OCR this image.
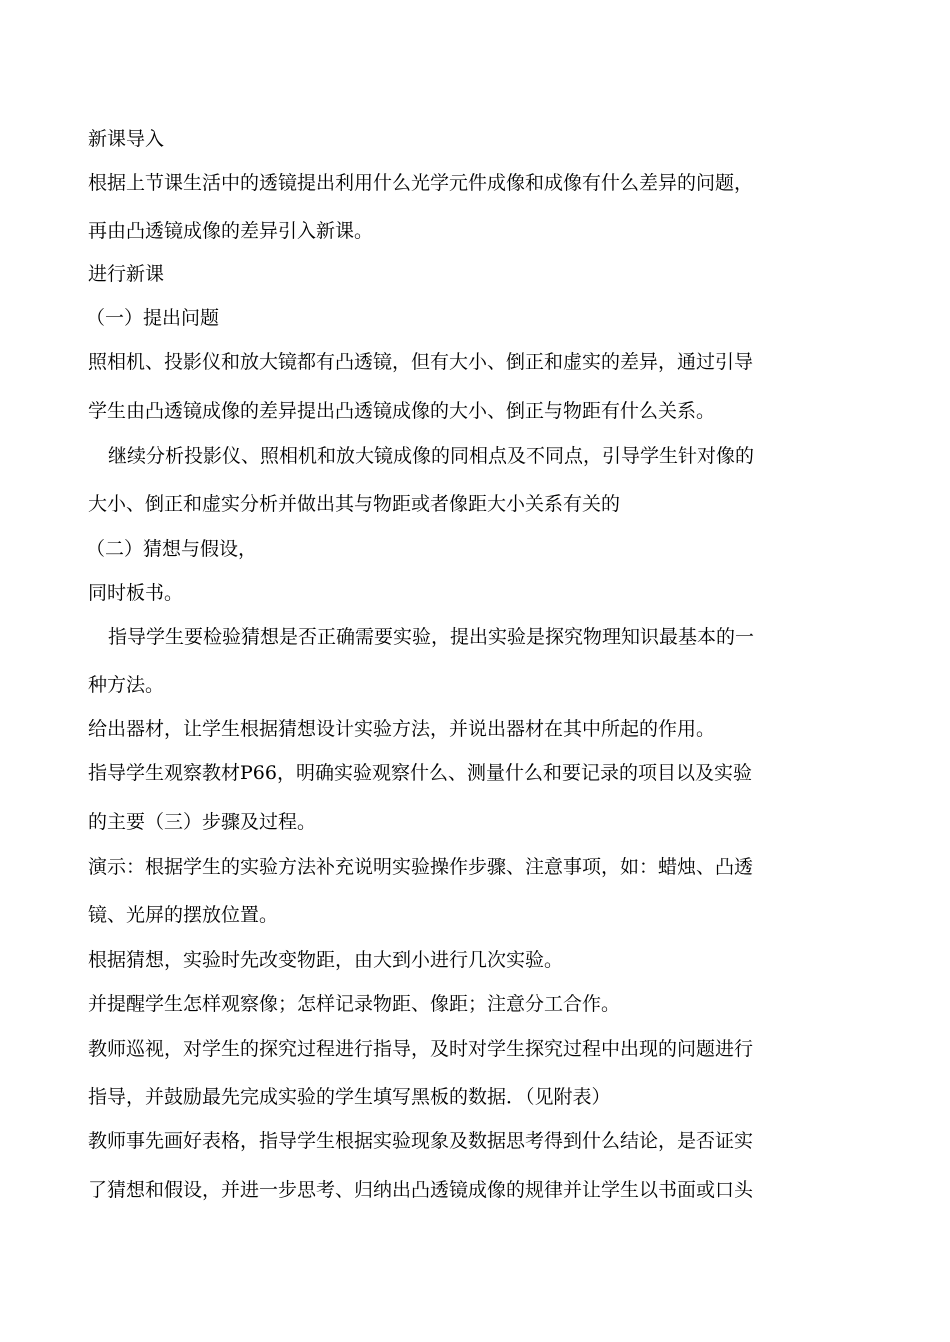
新课导入
根据上节课生活中的透镜提出利用什么光学元件成像和成像有什么差异的问题，
再由凸透镜成像的差异引入新课。
进行新课
（一）提出问题
照相机、投影仪和放大镜都有凸透镜，但有大小、倒正和虚实的差异，通过引导
学生由凸透镜成像的差异提出凸透镜成像的大小、倒正与物距有什么关系。
继续分析投影仪、照相机和放大镜成像的同相点及不同点，引导学生针对像的
大小、倒正和虚实分析并做出其与物距或者像距大小关系有关的
（二）猜想与假设，
同时板书。
指导学生要检验猜想是否正确需要实验，提出实验是探究物理知识最基本的一
种方法。
给出器材，让学生根据猜想设计实验方法，并说出器材在其中所起的作用。
指导学生观察教材P66，明确实验观察什么、测量什么和要记录的项目以及实验
的主要（三）步骤及过程。
演示：根据学生的实验方法补充说明实验操作步骤、注意事项，如：蜡烛、凸透
镜、光屏的摆放位置。
根据猜想，实验时先改变物距，由大到小进行几次实验。
并提醒学生怎样观察像；怎样记录物距、像距；注意分工合作。
教师巡视，对学生的探究过程进行指导，及时对学生探究过程中出现的问题进行
指导，并鼓励最先完成实验的学生填写黑板的数据．（见附表）
教师事先画好表格，指导学生根据实验现象及数据思考得到什么结论，是否证实
了猜想和假设，并进一步思考、归纳出凸透镜成像的规律并让学生以书面或口头
